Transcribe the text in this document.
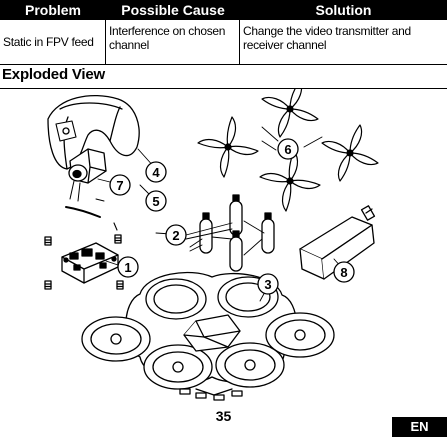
Problem	Possible Cause	Solution
Static in FPV feed
Interference on chosen channel
Change the video transmitter and receiver channel
Exploded View
1
2
3
4
5
6
7
8
35
EN
